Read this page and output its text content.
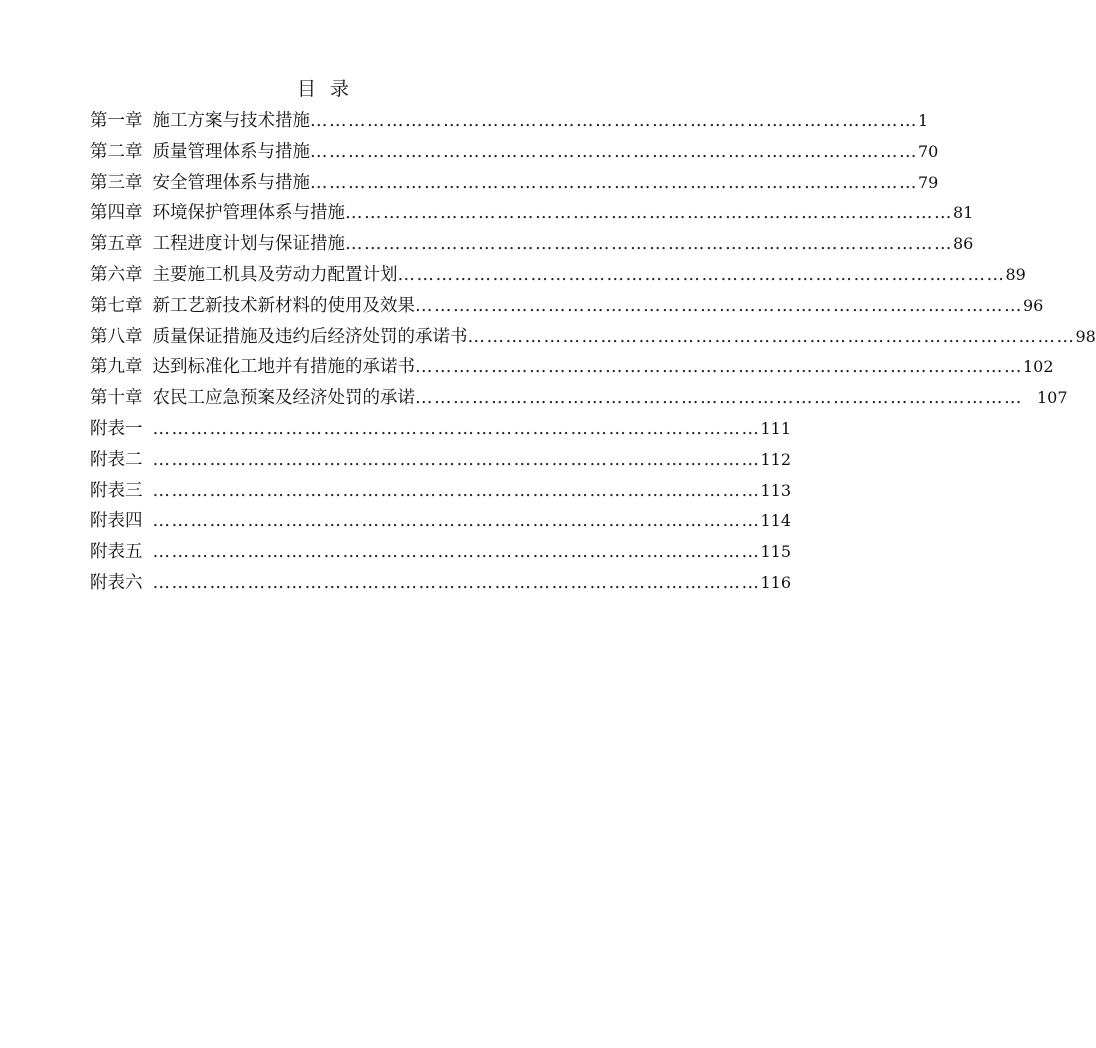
目录
第一章 施工方案与技术措施 …………………………………………………………………………………… 1
第二章 质量管理体系与措施 …………………………………………………………………………………… 70
第三章 安全管理体系与措施 …………………………………………………………………………………… 79
第四章 环境保护管理体系与措施 …………………………………………………………………………………… 81
第五章 工程进度计划与保证措施 …………………………………………………………………………………… 86
第六章 主要施工机具及劳动力配置计划 …………………………………………………………………………………… 89
第七章 新工艺新技术新材料的使用及效果 …………………………………………………………………………………… 96
第八章 质量保证措施及违约后经济处罚的承诺书 …………………………………………………………………………………… 98
第九章 达到标准化工地并有措施的承诺书 …………………………………………………………………………………… 102
第十章 农民工应急预案及经济处罚的承诺 …………………………………………………………………………………… 107
附表一 …………………………………………………………………………………… 111
附表二 …………………………………………………………………………………… 112
附表三 …………………………………………………………………………………… 113
附表四 …………………………………………………………………………………… 114
附表五 …………………………………………………………………………………… 115
附表六 …………………………………………………………………………………… 116
